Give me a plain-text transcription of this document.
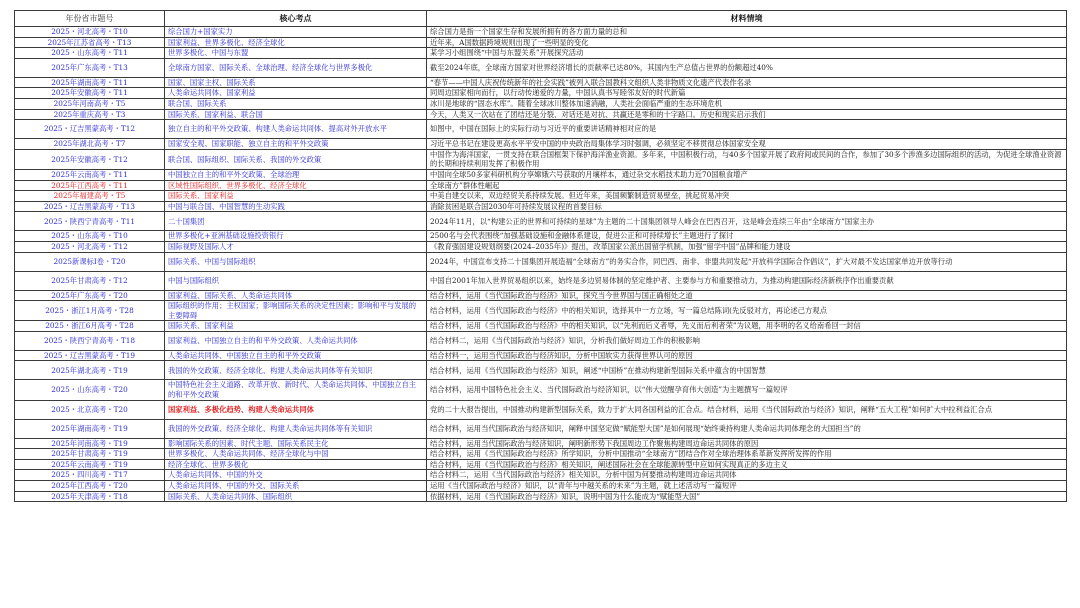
年份省市题号	核心考点	材料情境
2025・河北高考・T10	综合国力+国家实力	综合国力是指一个国家生存和发展所拥有的各方面力量的总和
2025年江苏省高考・T13	国家利益、世界多极化、经济全球化	近年来，A国数据跨境规则出现了一些明显的变化
2025・山东高考・T11	世界多极化、中国与东盟	某学习小组围绕“中国与东盟关系”开展探究活动
2025年广东高考・T13	全球南方国家、国际关系、全球治理、经济全球化与世界多极化	截至2024年底，全球南方国家对世界经济增长的贡献率已达80%，其国内生产总值占世界的份额超过40%
2025年湖南高考・T11	国家、国家主权、国际关系	“春节——中国人庆祝传统新年的社会实践”被列入联合国教科文组织人类非物质文化遗产代表作名录
2025年安徽高考・T11	人类命运共同体、国家利益	同周边国家相向而行，以行动传递爱的力量，中国认真书写睦邻友好的时代新篇
2025年河南高考・T5	联合国、国际关系	冰川是地球的“固态水库”。随着全球冰川整体加速消融，人类社会面临严重的生态环境危机
2025年重庆高考・T3	国际关系、国家利益、联合国	今天，人类又一次站在了团结还是分裂、对话还是对抗、共赢还是零和的十字路口。历史和现实启示我们
2025・辽吉黑蒙高考・T12	独立自主的和平外交政策、构建人类命运共同体、提高对外开放水平	如图中，中国在国际上的实际行动与习近平的重要讲话精神相对应的是
2025年湖北高考・T7	国家安全观、国家职能、独立自主的和平外交政策	习近平总书记在建设更高水平平安中国的中央政治局集体学习时强调，必须坚定不移贯彻总体国家安全观
2025年安徽高考・T12	联合国、国际组织、国际关系、我国的外交政策	中国作为海洋国家，一贯支持在联合国框架下保护海洋渔业资源。多年来，中国积极行动，与40多个国家开展了政府间或民间的合作，参加了30多个涉渔多边国际组织的活动，为促进全球渔业资源的长期和持续利用发挥了积极作用
2025年云南高考・T11	中国独立自主的和平外交政策、全球治理	中国向全球50多家科研机构分享嫦娥六号获取的月壤样本，通过杂交水稻技术助力近70国粮食增产
2025年江西高考・T11	区域性国际组织、世界多极化、经济全球化	全球南方”群体性崛起
2025年福建高考・T5	国际关系、国家利益	中美自建交以来，双边经贸关系持续发展。但近年来，美国频繁制造贸易壁垒，挑起贸易冲突
2025・辽吉黑蒙高考・T13	中国与联合国、中国智慧的生动实践	消除贫困是联合国2030年可持续发展议程的首要目标
2025・陕西宁青高考・T11	二十国集团	2024年11月，以“构建公正的世界和可持续的星球”为主题的二十国集团领导人峰会在巴西召开，这是峰会连续三年由“全球南方”国家主办
2025・山东高考・T10	世界多极化+亚洲基础设施投资银行	2500名与会代表围绕“加强基础设施和金融体系建设，促进公正和可持续增长”主题进行了探讨
2025・河北高考・T12	国际视野及国际人才	《教育强国建设规划纲要(2024–2035年)》提出，改革国家公派出国留学机制，加强“留学中国”品牌和能力建设
2025新课标Ⅰ卷・T20	国际关系、中国与国际组织	2024年，中国宣布支持二十国集团开展造福“全球南方”的务实合作，同巴西、南非、非盟共同发起“开放科学国际合作倡议”，扩大对最不发达国家单边开放等行动
2025年甘肃高考・T12	中国与国际组织	中国自2001年加入世界贸易组织以来，始终是多边贸易体制的坚定维护者、主要参与方和重要推动力，为推动构建国际经济新秩序作出重要贡献
2025年广东高考・T20	国家利益、国际关系、人类命运共同体	结合材料，运用《当代国际政治与经济》知识，探究当今世界国与国正确相处之道
2025・浙江1月高考・T28	国际组织的作用；主权国家；影响国际关系的决定性因素；影响和平与发展的主要障碍	结合材料，运用《当代国际政治与经济》中的相关知识，选择其中一方立场，写一篇总结陈词(先反驳对方，再论述己方观点
2025・浙江6月高考・T28	国际关系、国家利益	结合材料，运用《当代国际政治与经济》中的相关知识，以“先利而后义者辱，先义而后利者荣”为议题，用李明的名义给南希回一封信
2025・陕西宁青高考・T18	国家利益、中国独立自主的和平外交政策、人类命运共同体	结合材料二，运用《当代国际政治与经济》知识，分析我们做好周边工作的积极影响
2025・辽吉黑蒙高考・T19	人类命运共同体、中国独立自主的和平外交政策	结合材料一，运用当代国际政治与经济知识，分析中国软实力获得世界认可的原因
2025年湖北高考・T19	我国的外交政策、经济全球化、构建人类命运共同体等有关知识	结合材料，运用《当代国际政治与经济》知识，阐述“中国桥”在推动构建新型国际关系中蕴含的中国智慧
2025・山东高考・T20	中国特色社会主义道路、改革开放、新时代、人类命运共同体、中国独立自主的和平外交政策	结合材料，运用中国特色社会主义、当代国际政治与经济知识，以“伟大觉醒孕育伟大创造”为主题撰写一篇短评
2025・北京高考・T20	国家利益、多极化趋势、构建人类命运共同体	党的二十大报告提出，中国推动构建新型国际关系，致力于扩大同各国利益的汇合点。结合材料，运用《当代国际政治与经济》知识，阐释“五大工程”如何扩大中拉利益汇合点
2025年湖南高考・T19	我国的外交政策、经济全球化、构建人类命运共同体等有关知识	结合材料，运用当代国际政治与经济知识，阐释中国坚定做“赋能型大国”是如何展现“始终秉持构建人类命运共同体理念的大国担当”的
2025年河南高考・T19	影响国际关系的因素、时代主题、国际关系民主化	结合材料，运用当代国际政治与经济知识，阐明新形势下我国周边工作聚焦构建周边命运共同体的原因
2025年甘肃高考・T19	世界多极化、人类命运共同体、经济全球化与中国	结合材料，运用《当代国际政治与经济》所学知识，分析中国推动“全球南方”团结合作对全球治理体系革新发挥所发挥的作用
2025年云南高考・T19	经济全球化、世界多极化	结合材料，运用《当代国际政治与经济》相关知识，阐述国际社会在全球能源转型中应如何实现真正的多边主义
2025・四川高考・T17	人类命运共同体、中国的外交	结合材料二，运用《当代国际政治与经济》相关知识，分析中国为何要推动构建周边命运共同体
2025年江西高考・T20	人类命运共同体、中国的外交、国际关系	运用《当代国际政治与经济》知识，以“青年与中越关系的未来”为主题，就上述活动写一篇短评
2025年天津高考・T18	国际关系、人类命运共同体、国际组织	依据材料，运用《当代国际政治与经济》知识，说明中国为什么能成为“赋能型大国”
